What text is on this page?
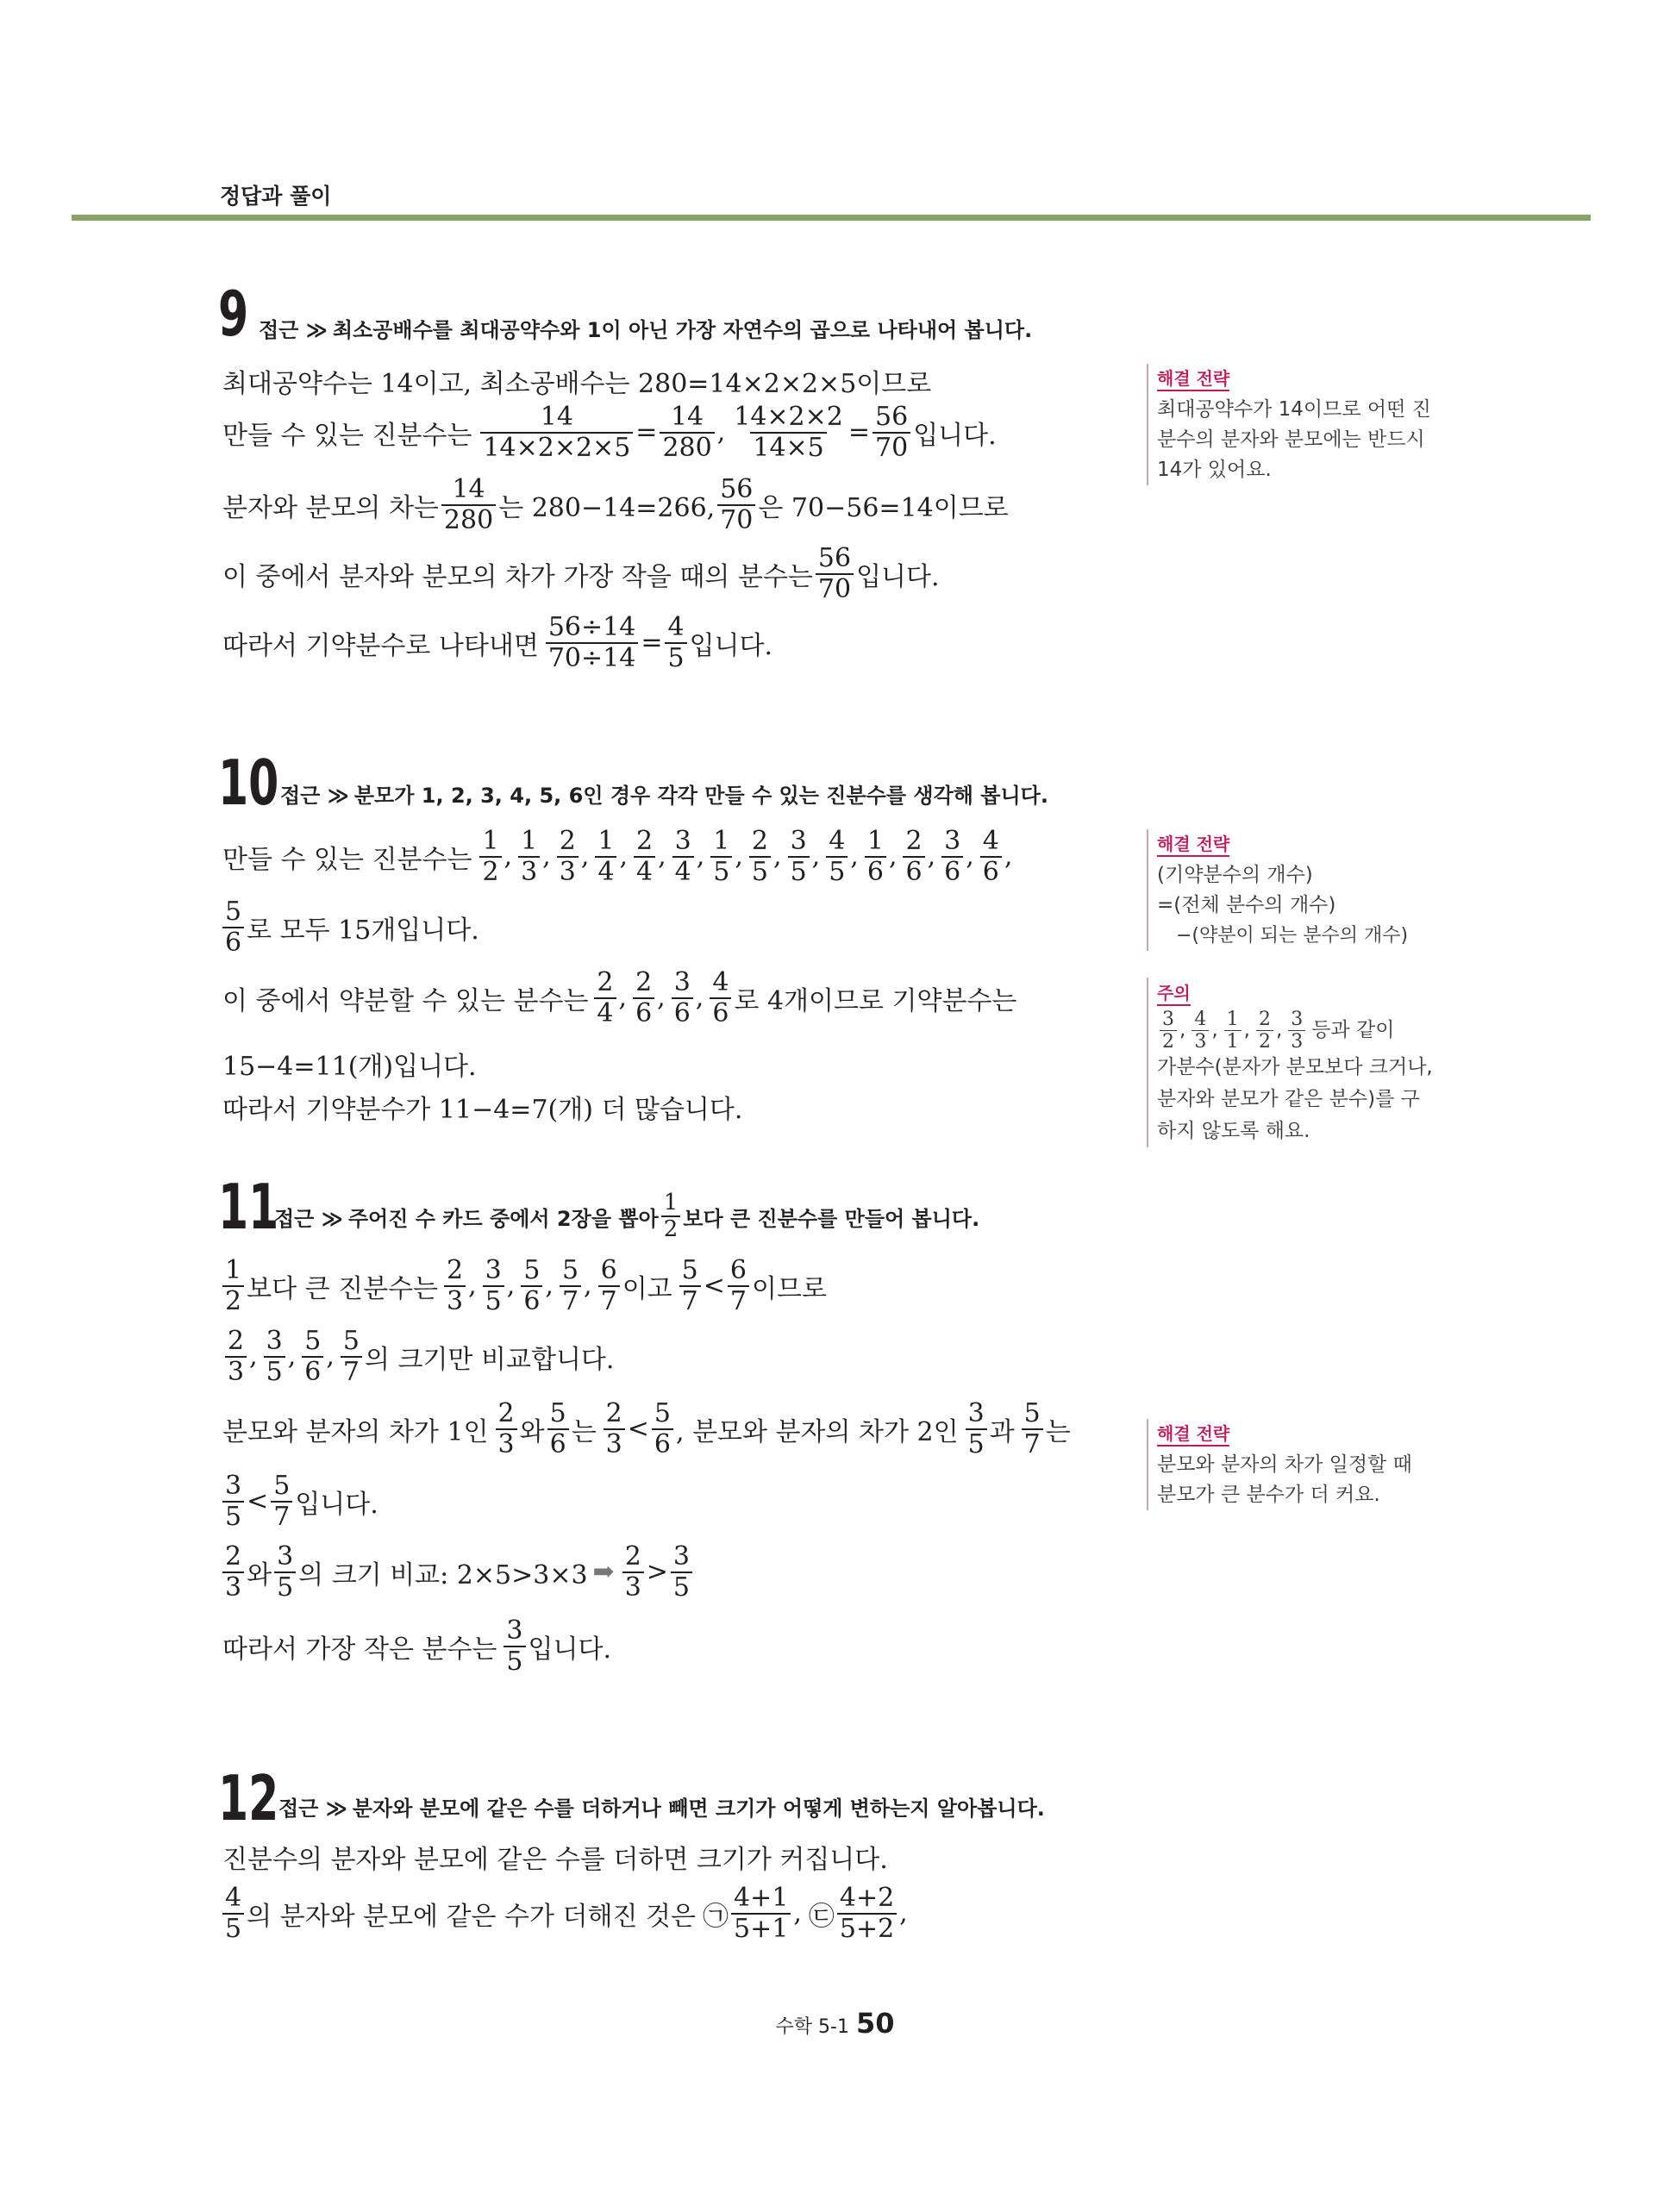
정답과 풀이
9 접근 ≫ 최소공배수를 최대공약수와 1이 아닌 가장 자연수의 곱으로 나타내어 봅니다.
최대공약수는 14이고, 최소공배수는 280=14×2×2×5이므로
만들 수 있는 진분수는 $\frac{14}{14\times 2\times 2\times 5} = \frac{14}{280}$ , $\frac{14\times 2\times 2}{14\times 5} = \frac{56}{70}$ 입니다.
분자와 분모의 차는 $\frac{14}{280}$ 는 280−14=266, $\frac{56}{70}$ 은 70−56=14이므로
이 중에서 분자와 분모의 차가 가장 작을 때의 분수는 $\frac{56}{70}$ 입니다.
따라서 기약분수로 나타내면 $\frac{56\div 14}{70\div 14} = \frac{4}{5}$ 입니다.
해결 전략
최대공약수가 14이므로 어떤 진분수의 분자와 분모에는 반드시 14가 있어요.
10 접근 ≫ 분모가 1, 2, 3, 4, 5, 6인 경우 각각 만들 수 있는 진분수를 생각해 봅니다.
만들 수 있는 진분수는 $\frac{1}{2}$ , $\frac{1}{3}$ , $\frac{2}{3}$ , $\frac{1}{4}$ , $\frac{2}{4}$ , $\frac{3}{4}$ , $\frac{1}{5}$ , $\frac{2}{5}$ , $\frac{3}{5}$ , $\frac{4}{5}$ , $\frac{1}{6}$ , $\frac{2}{6}$ , $\frac{3}{6}$ , $\frac{4}{6}$ ,
$\frac{5}{6}$ 로 모두 15개입니다.
이 중에서 약분할 수 있는 분수는 $\frac{2}{4}$ , $\frac{2}{6}$ , $\frac{3}{6}$ , $\frac{4}{6}$ 로 4개이므로 기약분수는
15−4=11(개)입니다.
따라서 기약분수가 11−4=7(개) 더 많습니다.
해결 전략
(기약분수의 개수)
=(전체 분수의 개수)
−(약분이 되는 분수의 개수)
주의

$\frac{3}{2}$ , $\frac{4}{3}$ , $\frac{1}{1}$ , $\frac{2}{2}$ , $\frac{3}{3}$ 등과 같이
가분수(분자가 분모보다 크거나, 분자와 분모가 같은 분수)를 구하지 않도록 해요.
11
접근 ≫ 주어진 수 카드 중에서 2장을 뽑아 $\frac{1}{2}$ 보다 큰 진분수를 만들어 봅니다.
$\frac{1}{2}$ 보다 큰 진분수는 $\frac{2}{3}$ , $\frac{3}{5}$ , $\frac{5}{6}$ , $\frac{5}{7}$ , $\frac{6}{7}$ 이고 $\frac{5}{7} < \frac{6}{7}$ 이므로
$\frac{2}{3}$ , $\frac{3}{5}$ , $\frac{5}{6}$ , $\frac{5}{7}$ 의 크기만 비교합니다.
분모와 분자의 차가 1인 $\frac{2}{3}$ 와 $\frac{5}{6}$ 는 $\frac{2}{3} < \frac{5}{6}$ , 분모와 분자의 차가 2인 $\frac{3}{5}$ 과 $\frac{5}{7}$ 는
$\frac{3}{5} < \frac{5}{7}$ 입니다.
$\frac{2}{3}$ 와 $\frac{3}{5}$ 의 크기 비교: 2×5>3×3 ➡ $\frac{2}{3} > \frac{3}{5}$
따라서 가장 작은 분수는 $\frac{3}{5}$ 입니다.
해결 전략
분모와 분자의 차가 일정할 때 분모가 큰 분수가 더 커요.
12 접근 ≫ 분자와 분모에 같은 수를 더하거나 빼면 크기가 어떻게 변하는지 알아봅니다.
진분수의 분자와 분모에 같은 수를 더하면 크기가 커집니다.
$\frac{4}{5}$ 의 분자와 분모에 같은 수가 더해진 것은 ㉠ $\frac{4+1}{5+1}$ , ㉢ $\frac{4+2}{5+2}$ ,
수학 5-1 50
